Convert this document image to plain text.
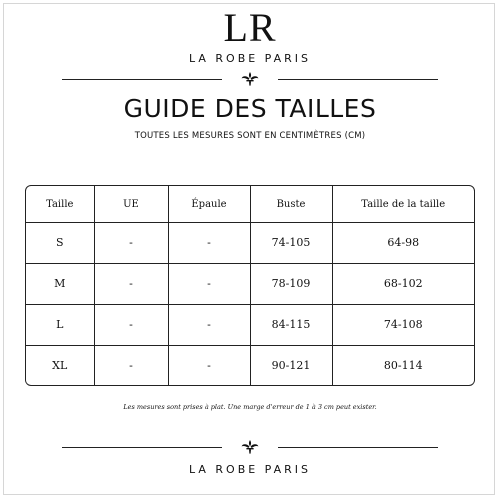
LR
LA ROBE PARIS
GUIDE DES TAILLES
TOUTES LES MESURES SONT EN CENTIMÈTRES (CM)
Taille	UE	Épaule	Buste	Taille de la taille
S	-	-	74-105	64-98
M	-	-	78-109	68-102
L	-	-	84-115	74-108
XL	-	-	90-121	80-114
Les mesures sont prises à plat. Une marge d'erreur de 1 à 3 cm peut exister.
LA ROBE PARIS
